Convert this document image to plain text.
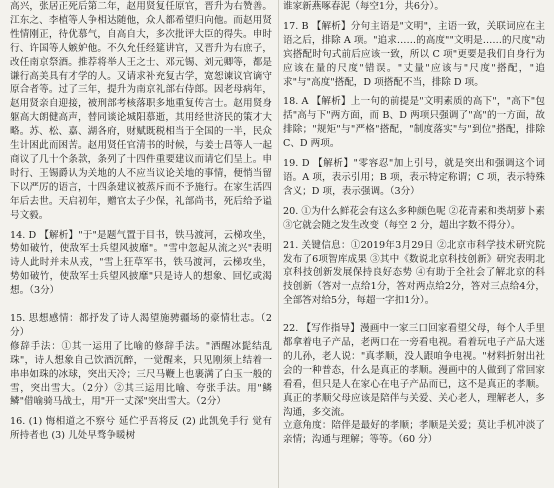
高兴，张居正死后第二年，赵用贤复任原官，晋升为右赞善。江东之、李植等人争相达随他，众人都希望归向他。而赵用贤性情刚正，待优慕气，自高自大，多次批评大臣的得失。申时行、许国等人嫉妒他。不久允任经筵讲官，又晋升为右庶子，改任南京祭酒。推荐将举人王之士、邓元锡、刘元卿等，都是谦行高美具有才学的人。又请求补充复古学，宽恕谏议官谪守原合者等。过了三年，提升为南京礼部右侍郎。因老母病年，赵用贤亲自迎接，被刑部考核落职多地重复传言士。赵用贤身躯高大朗健高声，替同谈论城阳慕逝，其用经世济民的策才大略。苏、松、嘉、湖各府，财赋既税相当于全国的一半，民众生计困此而困苦。赵用贤任官清书的时候，与姜士昌等人一起商议了几十个条款，条列了十四件重要建议而请它们呈上。申时行、王锡爵认为关地的人不应当议论关地的事情，便悄当留下以严厉的语言，十四条建议被蒸斥而不予施行。在家生活四年后去世。天启初年，赠官太子少保，礼部尚书，死后给予谥号文毅。

14. D 【解析】"于"是题气置于目书，铁马渡河，云梯攻坐，势如破竹，使敌军士兵望风披靡"。"雪中忽起从流之兴"表明诗人此时并未从戎，"雪上狂草军书，铁马渡河，云梯攻坐，势如破竹，使敌军士兵望风披靡"只是诗人的想象、回忆或渴想。（3分）

15. 思想感情：都抒发了诗人渴望施骋疆场的豪情壮志。（2分）
修辞手法：①其一运用了比喻的修辞手法。"洒醒冰髭结乱珠"，诗人想象自己饮酒沉醉，一觉醒来，只见刚须上结着一串串如珠的冰球，突出天冷；三尺马鞭上也裹满了白玉一般的雪，突出雪大。（2分）②其三运用比喻、夸张手法。用"鳞鳞"借喻骑马战士，用"开一丈深"突出雪大。（2分）

16. (1) 悔相道之不察兮 延伫乎吾将反 (2) 此凯免手行 觉有所持者也 (3) 儿处早骛争暖树

谁家新燕啄春泥（每空1分，共6分）。

17. B 【解析】分句主语是"文明"，主语一致，关联词应在主语之后，排除 A 项。"追求……的高度""文明是……的尺度"动宾搭配时句式前后应该一致，所以 C 项"更要是我们自身行为应该在量的尺度"错误。"丈量"应该与"尺度"搭配，"追求"与"高度"搭配，D 项搭配不当，排除 D 项。

18. A 【解析】上一句的前提是"文明素质的高下"，"高下"包括"高与下"两方面，而 B、D 两项只强调了"高"的一方面，故排除；"规矩"与"严格"搭配，"制度落实"与"到位"搭配，排除 C、D 两项。

19. D 【解析】"零容忍"加上引号，就是突出和强调这个词语。A 项，表示引用；B 项，表示特定称谓；C 项，表示特殊含义；D 项，表示强调。（3分）

20. ①为什么鲜花会有这么多种颜色呢 ②花青素和类胡萝卜素 ③它就会随之发生改变（每空 2 分，超出字数不得分）。

21. 关键信息：①2019年3月29日 ②北京市科学技术研究院发布了6项智库成果 ③其中《数说北京科技创新》研究表明北京科技创新发展保持良好态势 ④有助于全社会了解北京的科技创新（答对一点给1分，答对两点给2分，答对三点给4分，全部答对给5分，每超一字扣1分）。

22. 【写作指导】漫画中一家三口回家看望父母，每个人手里都拿着电子产品，老两口在一旁看电视。看着玩电子产品大迷的儿孙，老人说："真孝顺，没人跟咱争电视。"材料折射出社会的一种普态，什么是真正的孝顺。漫画中的人做到了常回家看看，但只是人在家心在电子产品而已，这不是真正的孝顺。真正的孝顺父母应该是陪伴与关爱、关心老人，理解老人，多沟通，多交流。
立意角度：陪伴是最好的孝顺；孝顺是关爱；莫让手机冲淡了亲情；沟通与理解；等等。（60 分）
